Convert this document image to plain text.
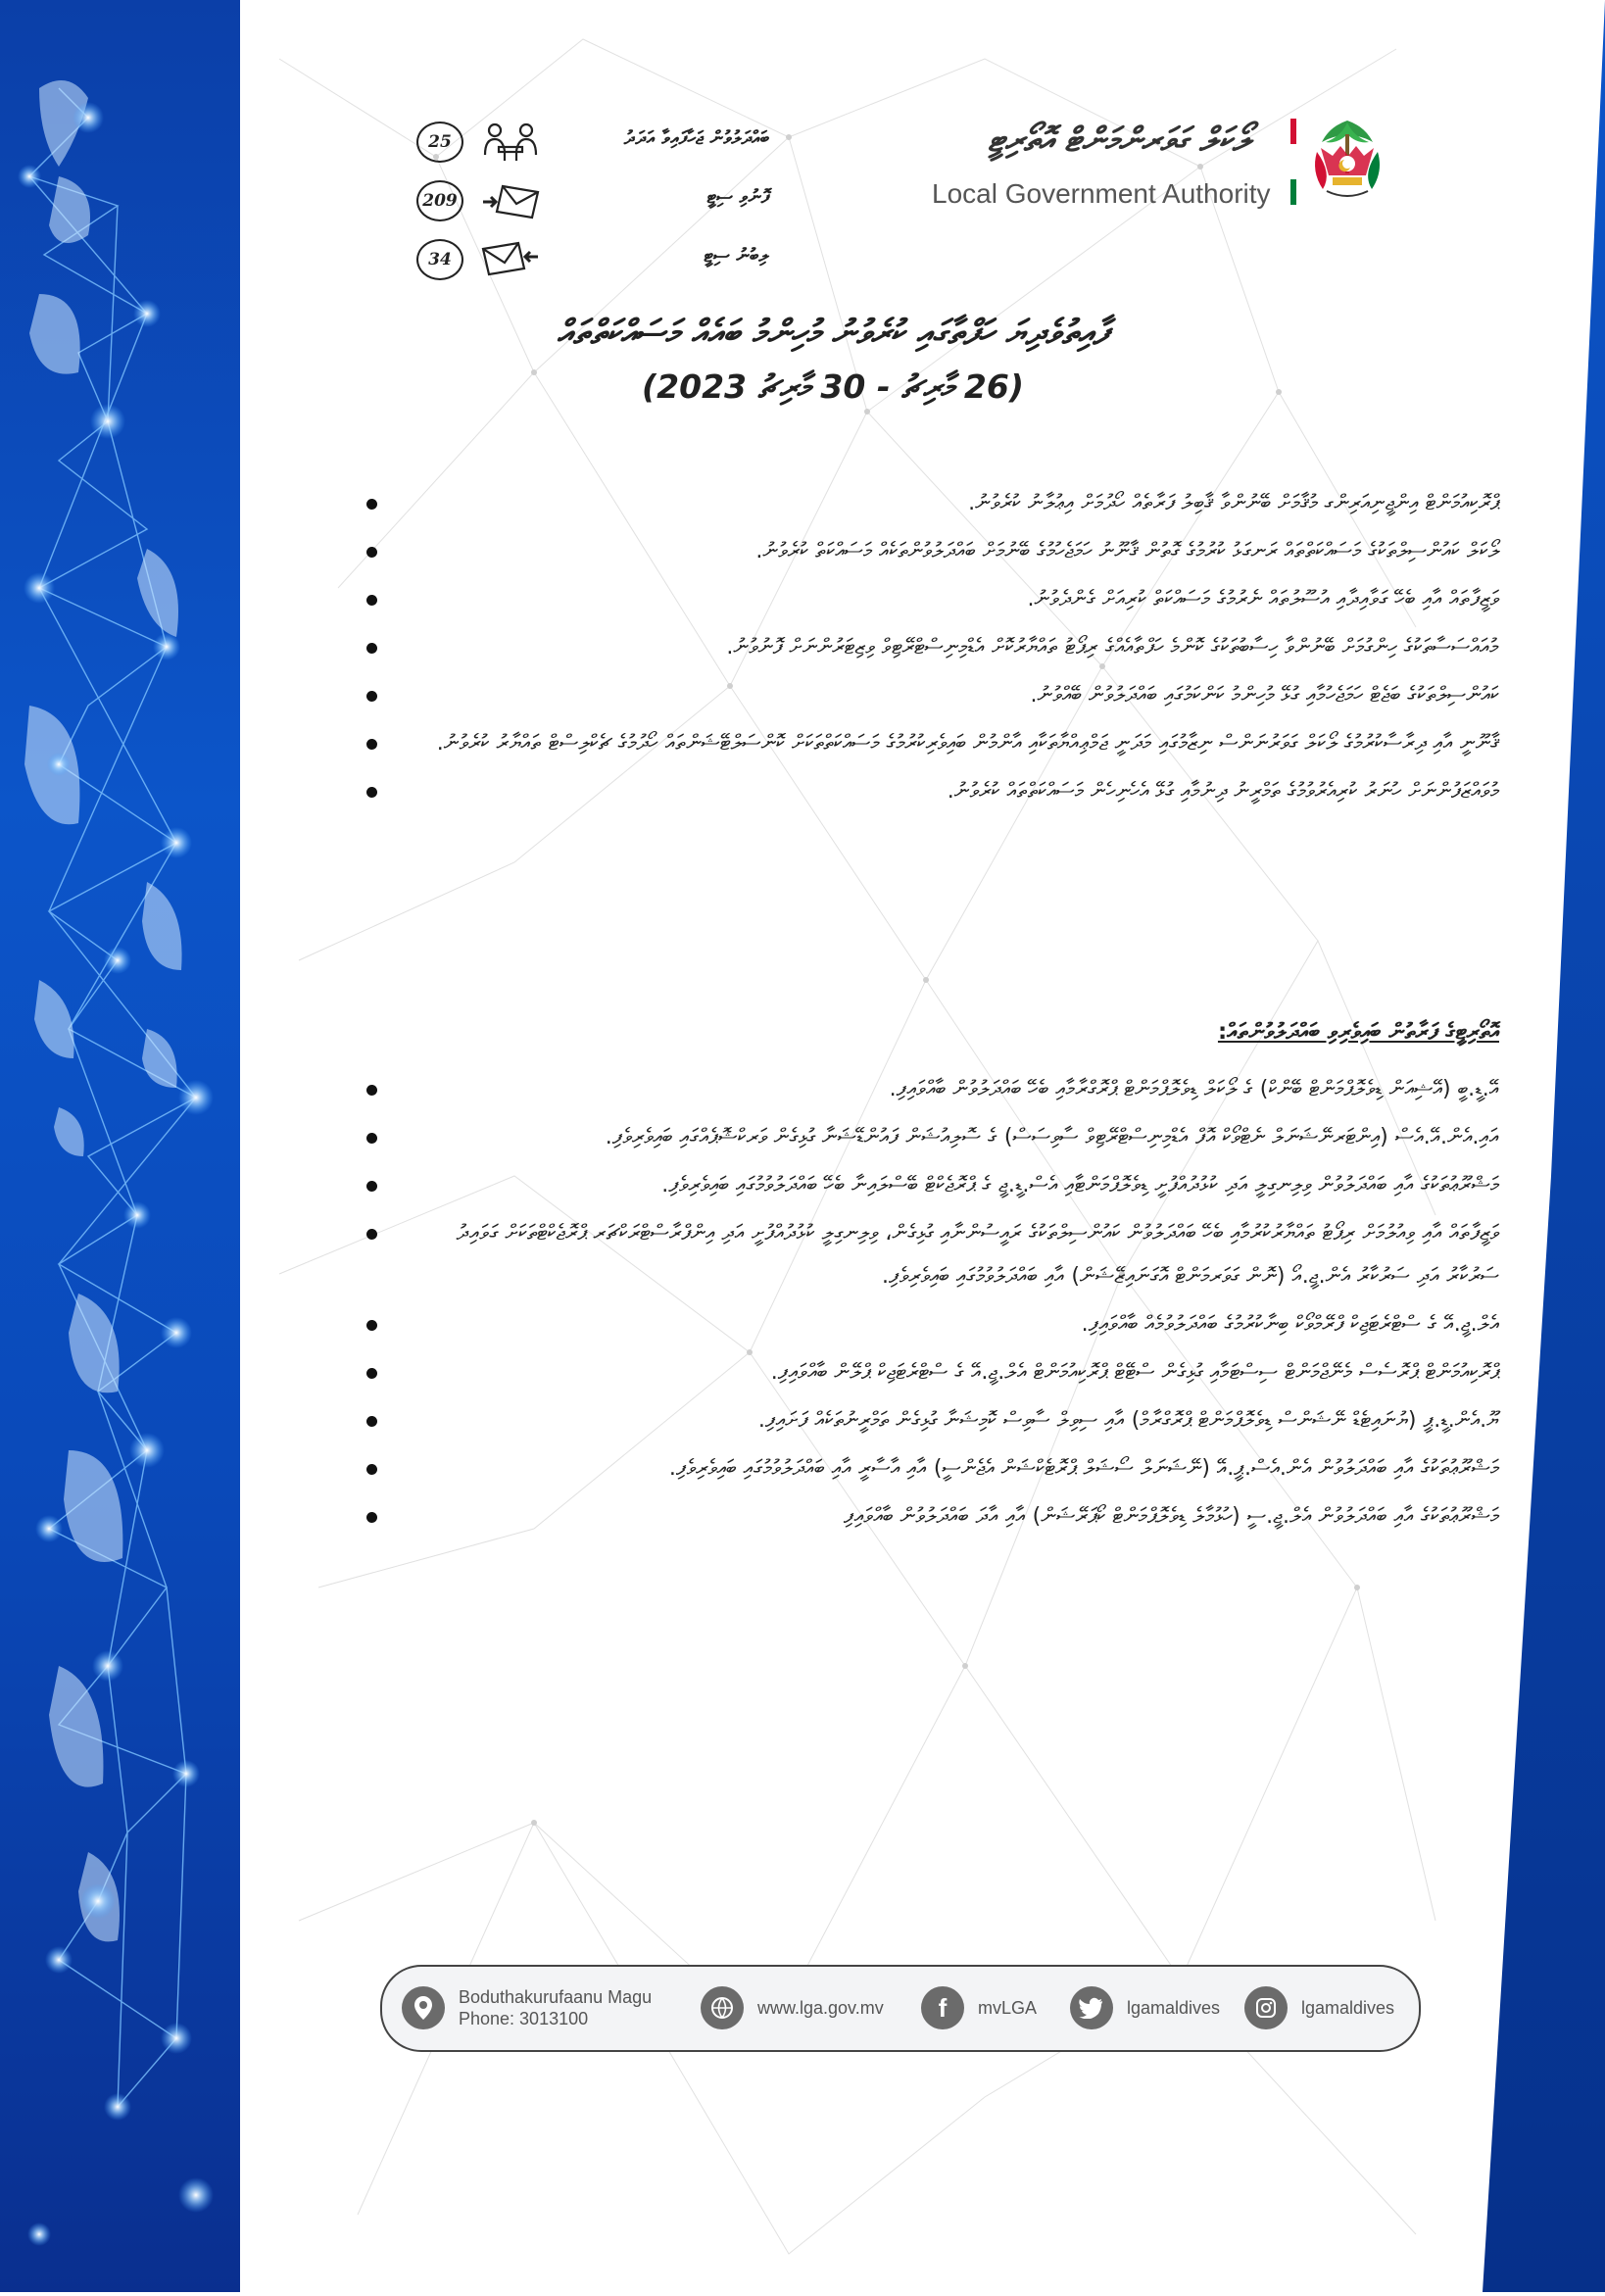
25	ބައްދަލުވުން ޖަހާފައިވާ އަދަދު
209	ފޮނުވި ސިޓީ
34	ލިބުނު ސިޓީ
ލޯކަލް ގަވަރންމަންޓް އޮތޯރިޓީ
Local Government Authority
ފާއިތުވެދިޔަ ހަފްތާގައި ކުރެވުނު މުހިންމު ބައެއް މަސައްކަތްތައް
(26 މާރިޗު - 30 މާރިޗު 2023)
ޕްރޮކިއުމަންޓް އިންޖީނިއަރިންގ މުޤާމަށް ބޭނުންވާ ޤާބިލު ފަރާތެއް ހޯދުމަށް އިޢުލާނު ކުރެވުނު.
ލޯކަލް ކައުންސިލްތަކުގެ މަސައްކަތްތައް ރަނގަޅު ކުރުމުގެ ގޮތުން ޤާނޫނު ހަމަޖެހުމުގެ ބޭނުމަށް ބައްދަލުވުންތަކެއް މަސައްކަތް ކުރެވުނު.
ވަޒީފާތައް އާއި ބެހޭ ގަވާއިދާއި އުސޫލުތައް ނެރުމުގެ މަސައްކަތް ކުރިއަށް ގެންދެވުނު.
މުއައްސަސާތަކުގެ ހިންގުމަށް ބޭނުންވާ ހިސާބުތަކުގެ ކޮންމެ ހަފްތާއެއްގެ ރިޕޯޓު ތައްޔާރުކޮށް އެޑްމިނިސްޓްރޭޓިވް ވިޒިޓަރުންނަށް ފޮނުވުނު.
ކައުންސިލްތަކުގެ ބަޖެޓް ހަމަޖެހުމާއި ގުޅޭ މުހިންމު ކަންކަމުގައި ބައްދަލުވުން ބޭއްވުނު.
ޤާނޫނީ އާއި ދިރާސާކުރުމުގެ ލޯކަލް ގަވަރުނަންސް ނިޒާމުގައި މަދަނީ ޖަމްޢިއްޔާތަކާއި އާންމުން ބައިވެރިކުރުމުގެ މަސައްކަތްތަކަށް ކޮންސަލްޓޭޝަންތައް ހޯދުމުގެ ޗެކްލިސްޓް ތައްޔާރު ކުރެވުނު.
މުވައްޒަފުންނަށް ހުނަރު ކުރިއެރުވުމުގެ ތަމްރީނު ދިނުމާއި ގުޅޭ އެހެނިހެން މަސައްކަތްތައް ކުރެވުނު.
އޮތޯރިޓީގެ ފަރާތުން ބައިވެރިވި ބައްދަލުވުންތައް:
އޭ.ޑީ.ބީ (އޭޝިއަން ޑިވެލޮޕްމަންޓް ބޭންކް) ގެ ލޯކަލް ޑިވެލޮޕްމަންޓް ޕްރޮގްރާމާއި ބެހޭ ބައްދަލުވުން ބާއްވައިފި.
އައި.އެން.އޭ.އެސް (އިންޓަރނޭޝަނަލް ނެޓްވޯކް އޮފް އެޑްމިނިސްޓްރޭޓިވް ސާވިސަސް) ގެ ސޮލިއުޝަން ފައުންޑޭޝަނާ ގުޅިގެން ވަރކްޝޮޕެއްގައި ބައިވެރިވެފި.
މަޝްރޫޢުތަކުގެ އާއި ބައްދަލުވުން ވިލިނގިލީ އަދި ކުޅުދުއްފުށީ ޑިވެލޮޕްމަންޓާއި އެސް.ޑީ.ޖީ ގެ ޕްރޮޖެކްޓް ބޭސްލައިނާ ބެހޭ ބައްދަލުވުމުގައި ބައިވެރިވެފި.
ވަޒީފާތައް އާއި ވިއުލުމަށް ރިޕޯޓު ތައްޔާރުކުރުމާއި ބެހޭ ބައްދަލުވުން ކައުންސިލްތަކުގެ ރައީސުންނާއި ގުޅިގެން، ވިލިނގިލީ ކުޅުދުއްފުށީ އަދި އިންފްރާސްޓްރަކްޗަރ ޕްރޮޖެކްޓްތަކަށް ގަވައިދު ސަރުކާރު އަދި ސަރުކާރު އެން.ޖީ.އޯ (ނޮން ގަވަރމަންޓް އޮގަނައިޒޭޝަން) އާއި ބައްދަލުވުމުގައި ބައިވެރިވެފި.
އެލް.ޖީ.އޭ ގެ ސްޓްރެޓަޖިކް ފްރޭމްވޯކް ބިނާކުރުމުގެ ބައްދަލުވުމެއް ބާއްވައިފި.
ޕްރޮކިއުމަންޓް ޕްރޮސެސް މެނޭޖްމަންޓް ސިސްޓަމާއި ގުޅިގެން ސްޓޭޓް ޕްރޮކިއުމަންޓް އެލް.ޖީ.އޭ ގެ ސްޓްރެޓަޖިކް ޕްލޭން ބާއްވައިފި.
ޔޫ.އެން.ޑީ.ޕީ (ޔުނައިޓެޑް ނޭޝަންސް ޑިވެލޮޕްމަންޓް ޕްރޮގްރާމް) އާއި ސިވިލް ސާވިސް ކޮމިޝަނާ ގުޅިގެން ތަމްރީނުތަކެއް ފަށައިފި.
މަޝްރޫޢުތަކުގެ އާއި ބައްދަލުވުން އެން.އެސް.ޕީ.އޭ (ނޭޝަނަލް ސޯޝަލް ޕްރޮޓެކްޝަން އެޖެންސީ) އާއި އާސާރީ އާއި ބައްދަލުވުމުގައި ބައިވެރިވެފި.
މަޝްރޫޢުތަކުގެ އާއި ބައްދަލުވުން އެލް.ޖީ.ސީ (ހުޅުމާލެ ޑިވެލޮޕްމަންޓް ކޯޕަރޭޝަން) އާއި އާދަ ބައްދަލުވުން ބާއްވައިފި
Boduthakurufaanu Magu
Phone: 3013100
www.lga.gov.mv f mvLGA	lgamaldives	lgamaldives
